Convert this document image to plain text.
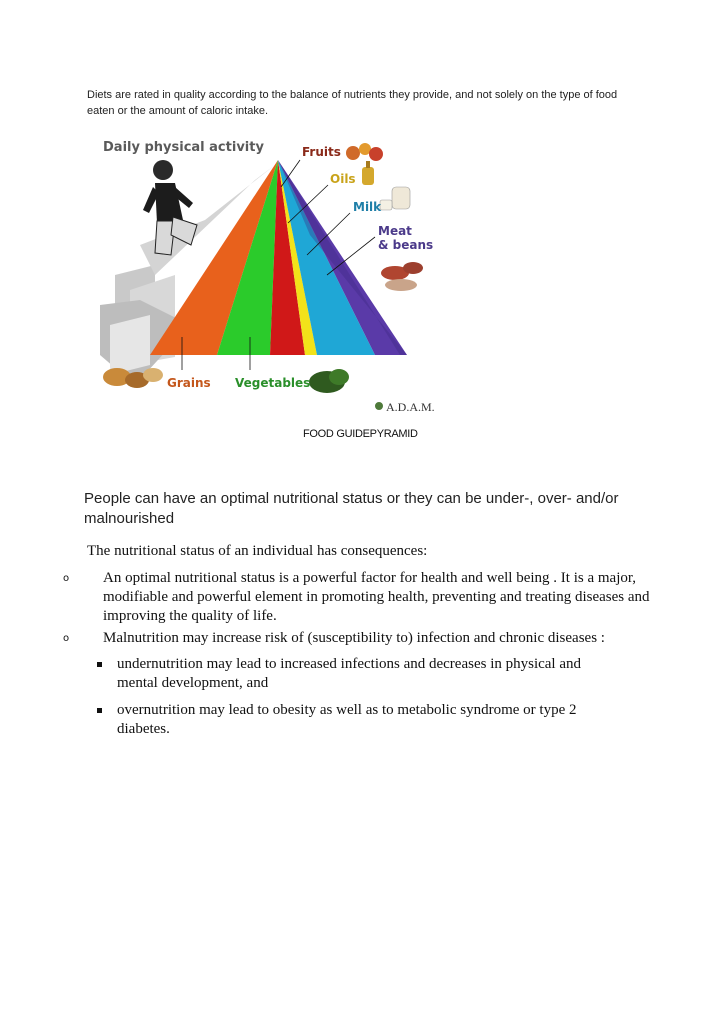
Diets are rated in quality according to the balance of nutrients they provide, and not solely on the type of food eaten or the amount of caloric intake.
Daily physical activity	Fruits
Oils
Milk
Meat
& beans
Grains Vegetables
A.D.A.M.
FOOD GUIDEPYRAMID
People can have an optimal nutritional status or they can be under-, over- and/or malnourished
The nutritional status of an individual has consequences:
o An optimal nutritional status is a powerful factor for health and well being . It is a major, modifiable and powerful element in promoting health, preventing and treating diseases and improving the quality of life.
o Malnutrition may increase risk of (susceptibility to) infection and chronic diseases :
undernutrition may lead to increased infections and decreases in physical and mental development, and
overnutrition may lead to obesity as well as to metabolic syndrome or type 2 diabetes.
